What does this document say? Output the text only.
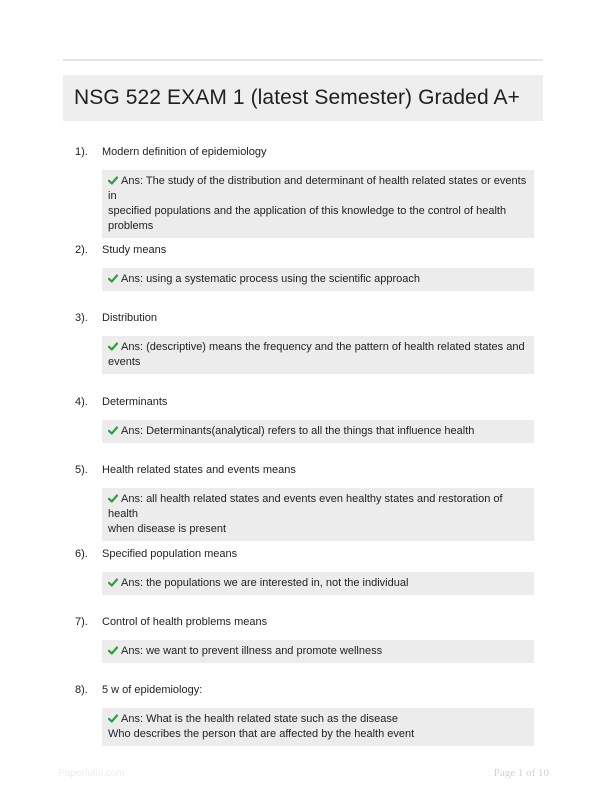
NSG 522 EXAM 1 (latest Semester) Graded A+
1). Modern definition of epidemiology
Ans: The study of the distribution and determinant of health related states or events in
specified populations and the application of this knowledge to the control of health
problems
2). Study means
Ans: using a systematic process using the scientific approach
3). Distribution
Ans: (descriptive) means the frequency and the pattern of health related states and
events
4). Determinants
Ans: Determinants(analytical) refers to all the things that influence health
5). Health related states and events means
Ans: all health related states and events even healthy states and restoration of health
when disease is present
6). Specified population means
Ans: the populations we are interested in, not the individual
7). Control of health problems means
Ans: we want to prevent illness and promote wellness
8). 5 w of epidemiology:
Ans: What is the health related state such as the disease
Who describes the person that are affected by the health event
Paperfolio.com	Page 1 of 10
